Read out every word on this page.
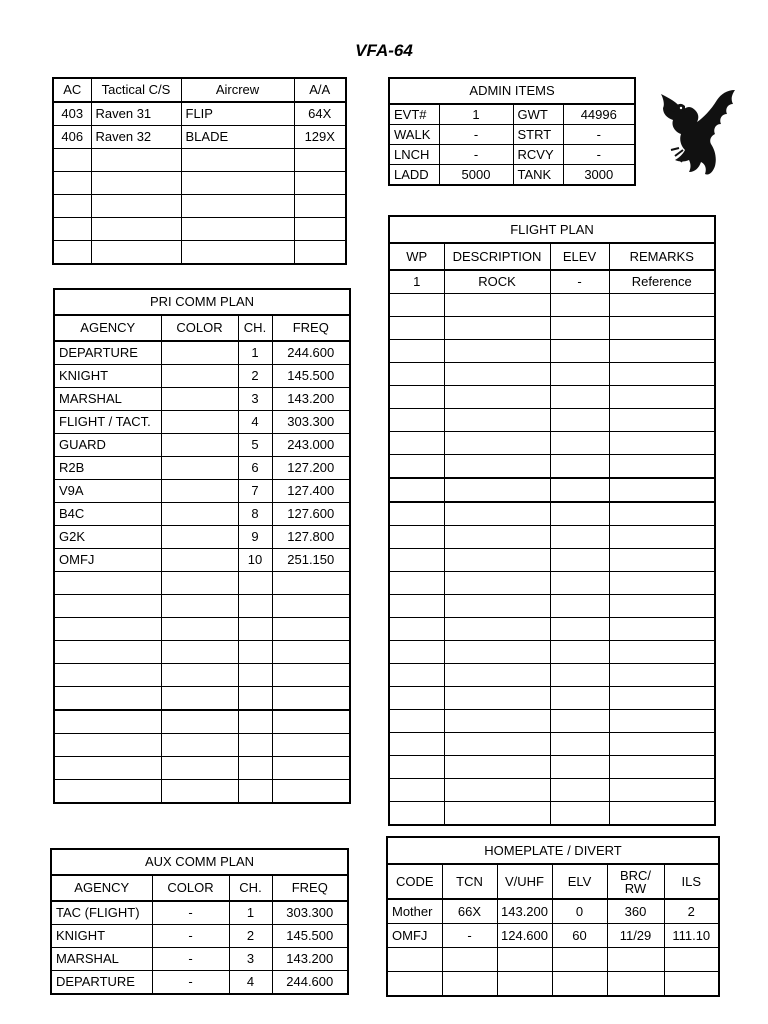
VFA-64
AC	Tactical C/S	Aircrew	A/A
403	Raven 31	FLIP	64X
406	Raven 32	BLADE	129X

ADMIN ITEMS			
EVT#	1	GWT	44996
WALK	-	STRT	-
LNCH	-	RCVY	-
LADD	5000	TANK	3000
FLIGHT PLAN			
WP	DESCRIPTION	ELEV	REMARKS
1	ROCK	-	Reference

PRI COMM PLAN			
AGENCY	COLOR	CH.	FREQ
DEPARTURE		1	244.600
KNIGHT		2	145.500
MARSHAL		3	143.200
FLIGHT / TACT.		4	303.300
GUARD		5	243.000
R2B		6	127.200
V9A		7	127.400
B4C		8	127.600
G2K		9	127.800
OMFJ		10	251.150

AUX COMM PLAN			
AGENCY	COLOR	CH.	FREQ
TAC (FLIGHT)	-	1	303.300
KNIGHT	-	2	145.500
MARSHAL	-	3	143.200
DEPARTURE	-	4	244.600
HOMEPLATE / DIVERT					
CODE	TCN	V/UHF	ELV	BRC/ RW	ILS
Mother	66X	143.200	0	360	2
OMFJ	-	124.600	60	11/29	111.10
